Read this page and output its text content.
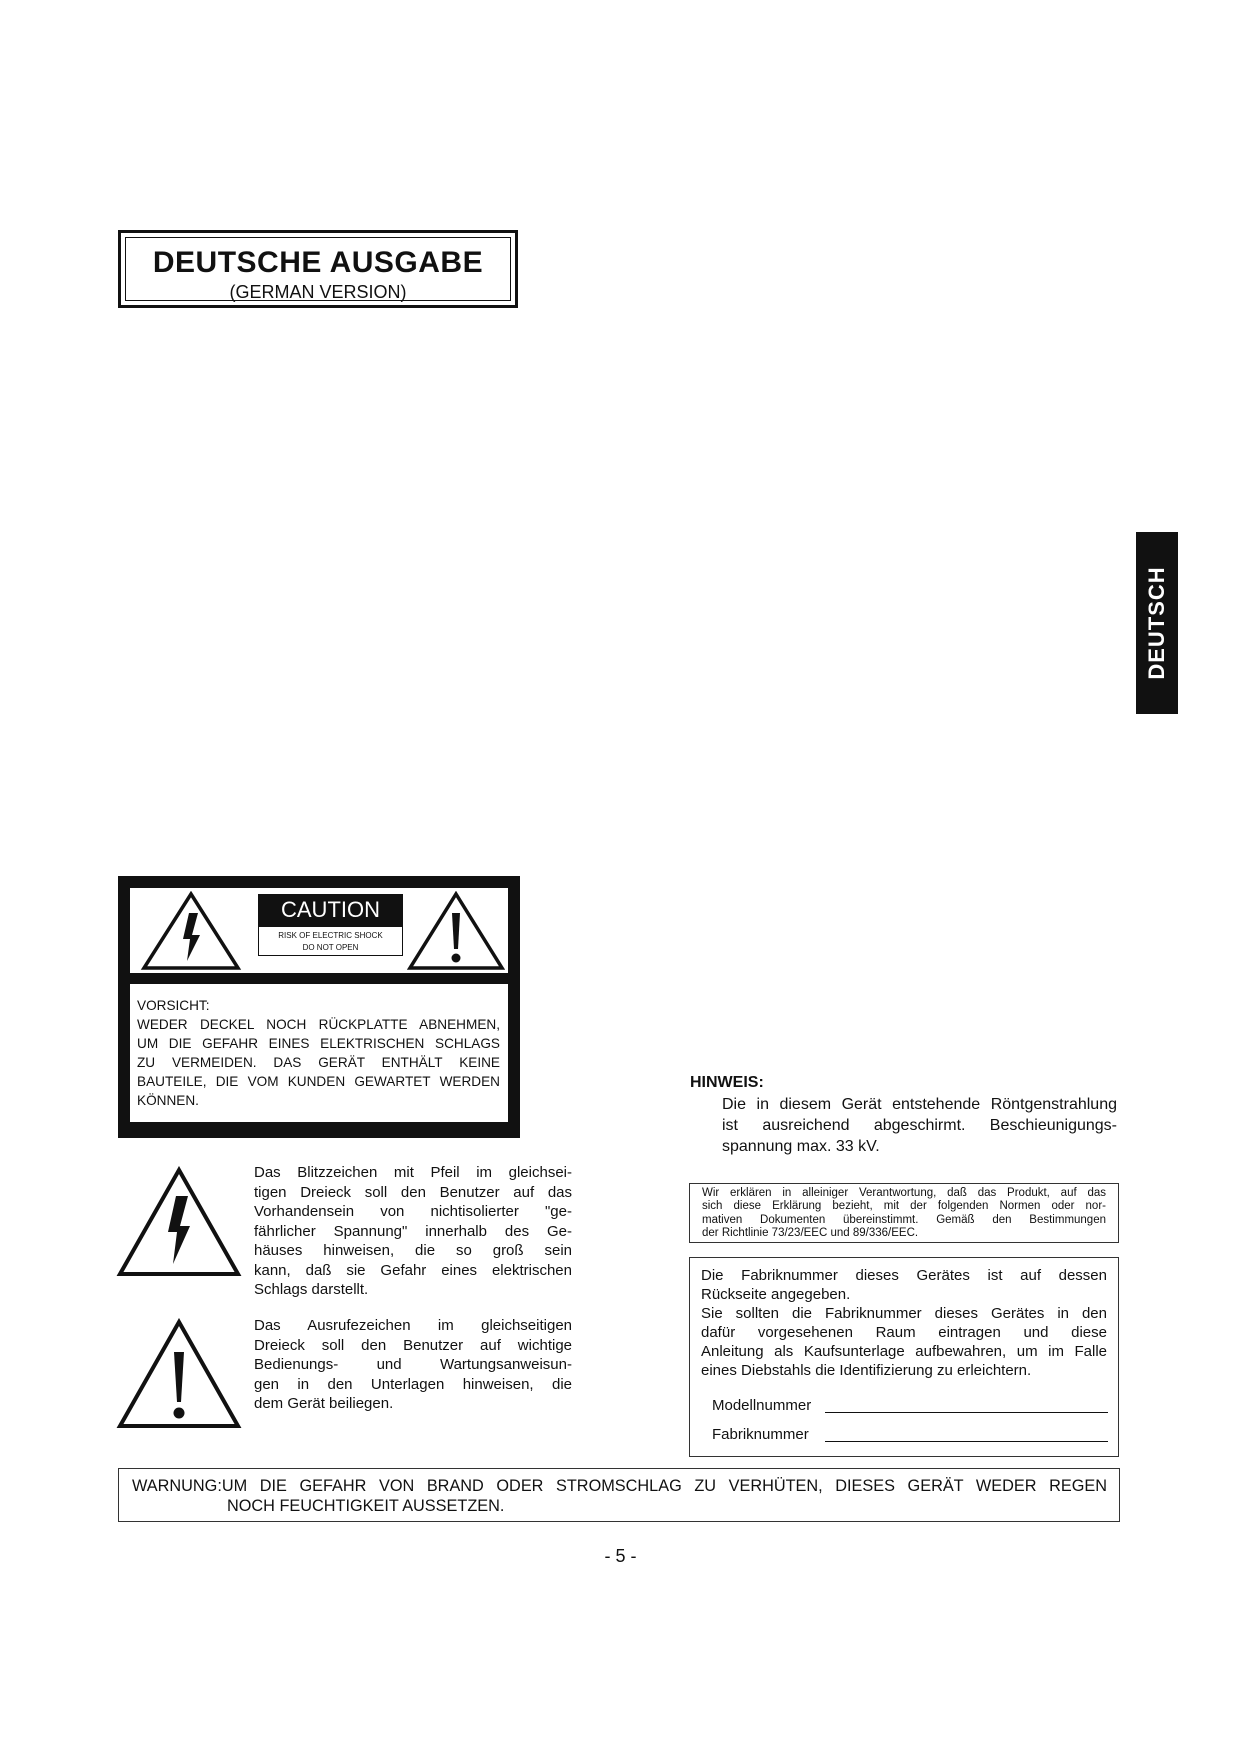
DEUTSCHE AUSGABE
(GERMAN VERSION)
DEUTSCH
CAUTION
RISK OF ELECTRIC SHOCK
DO NOT OPEN
VORSICHT:
WEDER DECKEL NOCH RÜCKPLATTE ABNEHMEN,
UM DIE GEFAHR EINES ELEKTRISCHEN SCHLAGS
ZU VERMEIDEN. DAS GERÄT ENTHÄLT KEINE
BAUTEILE, DIE VOM KUNDEN GEWARTET WERDEN
KÖNNEN.
Das Blitzzeichen mit Pfeil im gleichsei-
tigen Dreieck soll den Benutzer auf das
Vorhandensein von nichtisolierter "ge-
fährlicher Spannung" innerhalb des Ge-
häuses hinweisen, die so groß sein
kann, daß sie Gefahr eines elektrischen
Schlags darstellt.
Das Ausrufezeichen im gleichseitigen
Dreieck soll den Benutzer auf wichtige
Bedienungs- und Wartungsanweisun-
gen in den Unterlagen hinweisen, die
dem Gerät beiliegen.
HINWEIS:
Die in diesem Gerät entstehende Röntgenstrahlung
ist ausreichend abgeschirmt. Beschieunigungs-
spannung max. 33 kV.
Wir erklären in alleiniger Verantwortung, daß das Produkt, auf das
sich diese Erklärung bezieht, mit der folgenden Normen oder nor-
mativen Dokumenten übereinstimmt. Gemäß den Bestimmungen
der Richtlinie 73/23/EEC und 89/336/EEC.
Die Fabriknummer dieses Gerätes ist auf dessen
Rückseite angegeben.
Sie sollten die Fabriknummer dieses Gerätes in den
dafür vorgesehenen Raum eintragen und diese
Anleitung als Kaufsunterlage aufbewahren, um im Falle
eines Diebstahls die Identifizierung zu erleichtern.
Modellnummer
Fabriknummer
WARNUNG:UM DIE GEFAHR VON BRAND ODER STROMSCHLAG ZU VERHÜTEN, DIESES GERÄT WEDER REGEN
NOCH FEUCHTIGKEIT AUSSETZEN.
- 5 -
